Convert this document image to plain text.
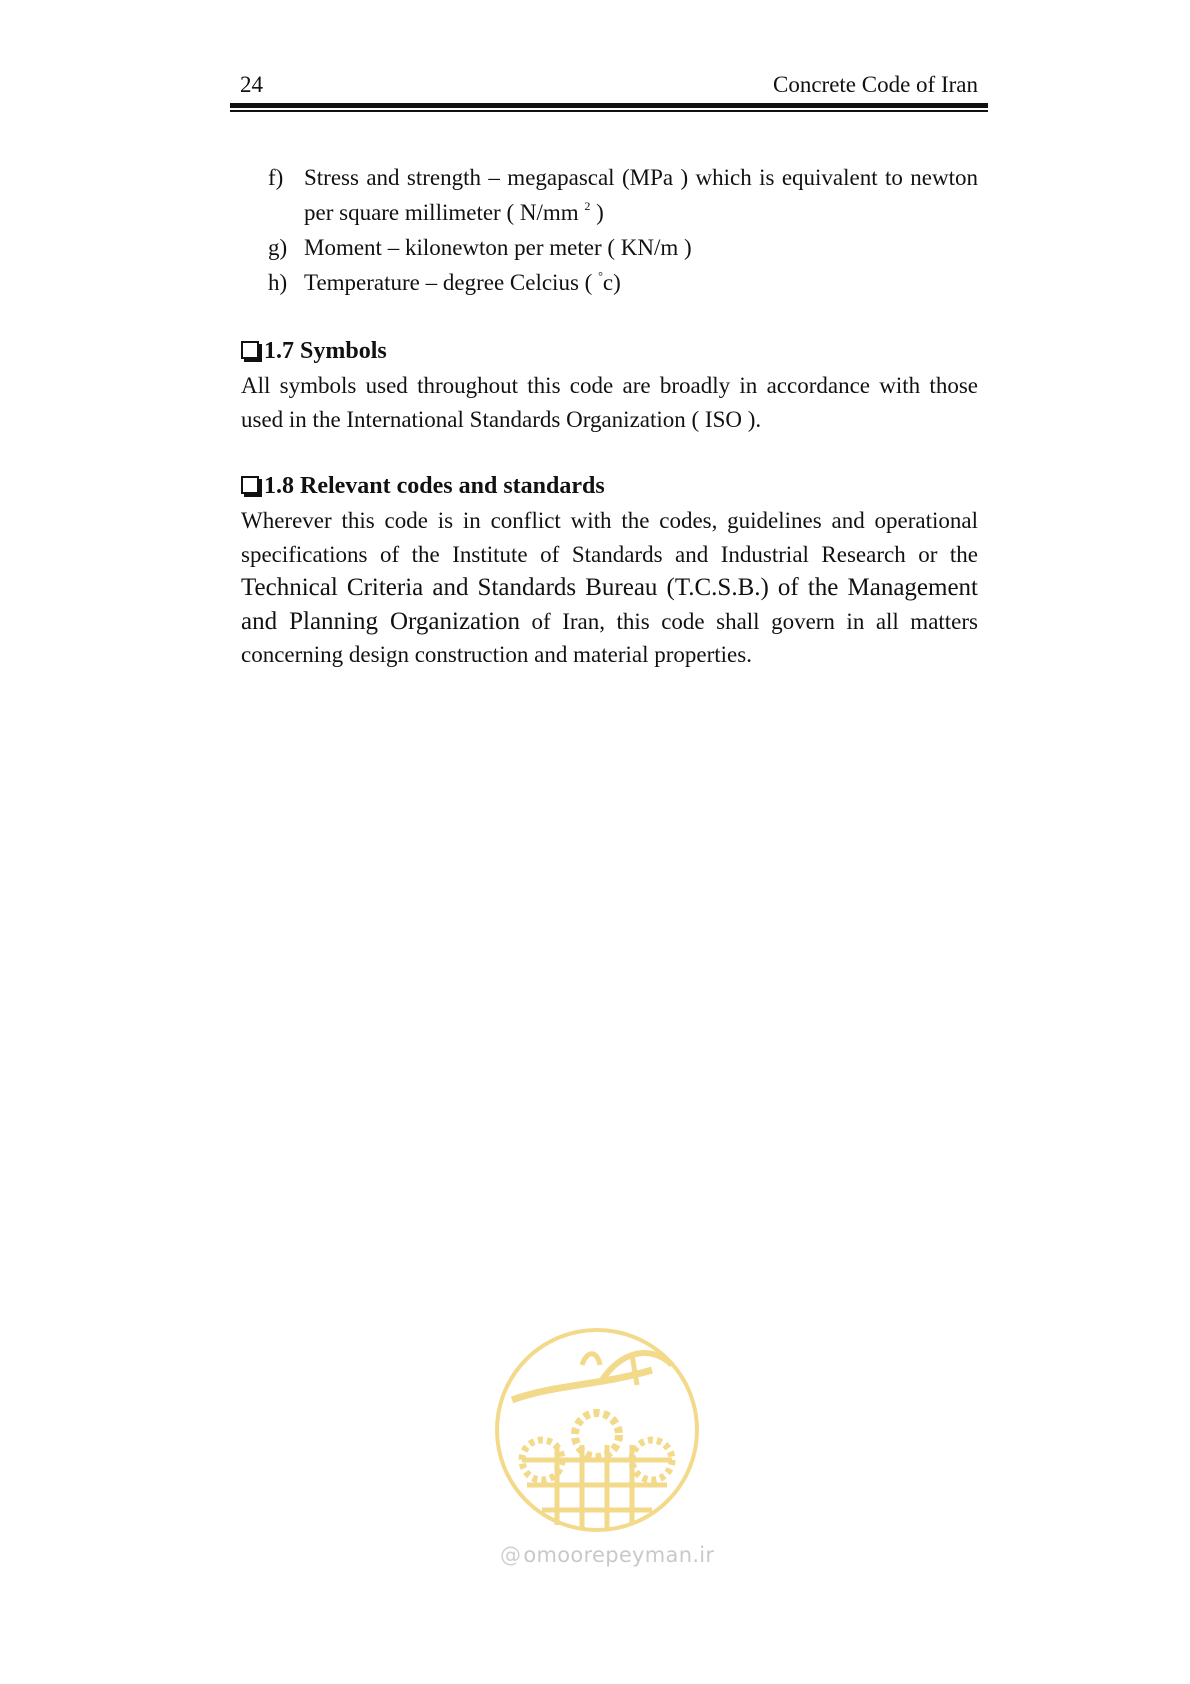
24	Concrete Code of Iran
f) Stress and strength – megapascal (MPa ) which is equivalent to newton per square millimeter ( N/mm $^2$ )
g) Moment – kilonewton per meter ( KN/m )
h) Temperature – degree Celcius ( °c)
1.7 Symbols
All symbols used throughout this code are broadly in accordance with those used in the International Standards Organization ( ISO ).
1.8 Relevant codes and standards
Wherever this code is in conflict with the codes, guidelines and operational specifications of the Institute of Standards and Industrial Research or the Technical Criteria and Standards Bureau (T.C.S.B.) of the Management and Planning Organization of Iran, this code shall govern in all matters concerning design construction and material properties.
@omoorepeyman.ir
